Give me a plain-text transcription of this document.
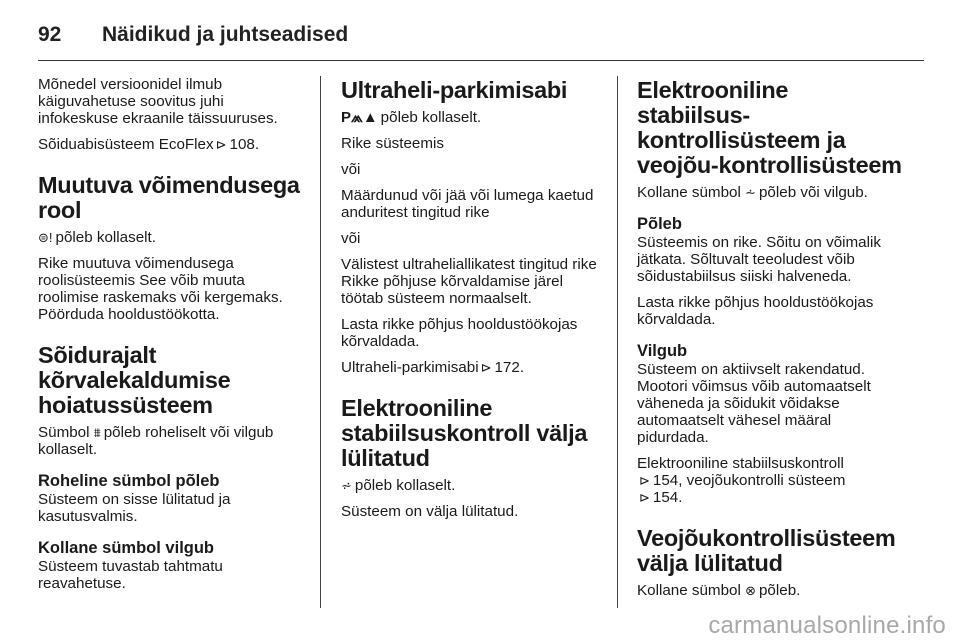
92	Näidikud ja juhtseadised

Mõnedel versioonidel ilmub käiguvahetuse soovitus juhi infokeskuse ekraanile täissuuruses.

Sõiduabisüsteem EcoFlex ⊳ 108.

Muutuva võimendusega rool

⊜! põleb kollaselt.

Rike muutuva võimendusega roolisüsteemis See võib muuta roolimise raskemaks või kergemaks. Pöörduda hooldustöökotta.

Sõidurajalt kõrvalekaldumise hoiatussüsteem

Sümbol ⩩ põleb roheliselt või vilgub kollaselt.

Roheline sümbol põleb

Süsteem on sisse lülitatud ja kasutusvalmis.

Kollane sümbol vilgub

Süsteem tuvastab tahtmatu reavahetuse.

Ultraheli-parkimisabi

P⩕▲ põleb kollaselt.

Rike süsteemis

või

Määrdunud või jää või lumega kaetud anduritest tingitud rike

või

Välistest ultraheliallikatest tingitud rike Rikke põhjuse kõrvaldamise järel töötab süsteem normaalselt.

Lasta rikke põhjus hooldustöökojas kõrvaldada.

Ultraheli-parkimisabi ⊳ 172.

Elektrooniline stabiilsuskontroll välja lülitatud

⩫ põleb kollaselt.

Süsteem on välja lülitatud.

Elektrooniline stabiilsus-kontrollisüsteem ja veojõu-kontrollisüsteem

Kollane sümbol ⩪ põleb või vilgub.

Põleb

Süsteemis on rike. Sõitu on võimalik jätkata. Sõltuvalt teeoludest võib sõidustabiilsus siiski halveneda.

Lasta rikke põhjus hooldustöökojas kõrvaldada.

Vilgub

Süsteem on aktiivselt rakendatud. Mootori võimsus võib automaatselt väheneda ja sõidukit võidakse automaatselt vähesel määral pidurdada.

Elektrooniline stabiilsuskontroll
⊳ 154, veojõukontrolli süsteem
⊳ 154.

Veojõukontrollisüsteem välja lülitatud

Kollane sümbol ⊗ põleb.

carmanualsonline.info
